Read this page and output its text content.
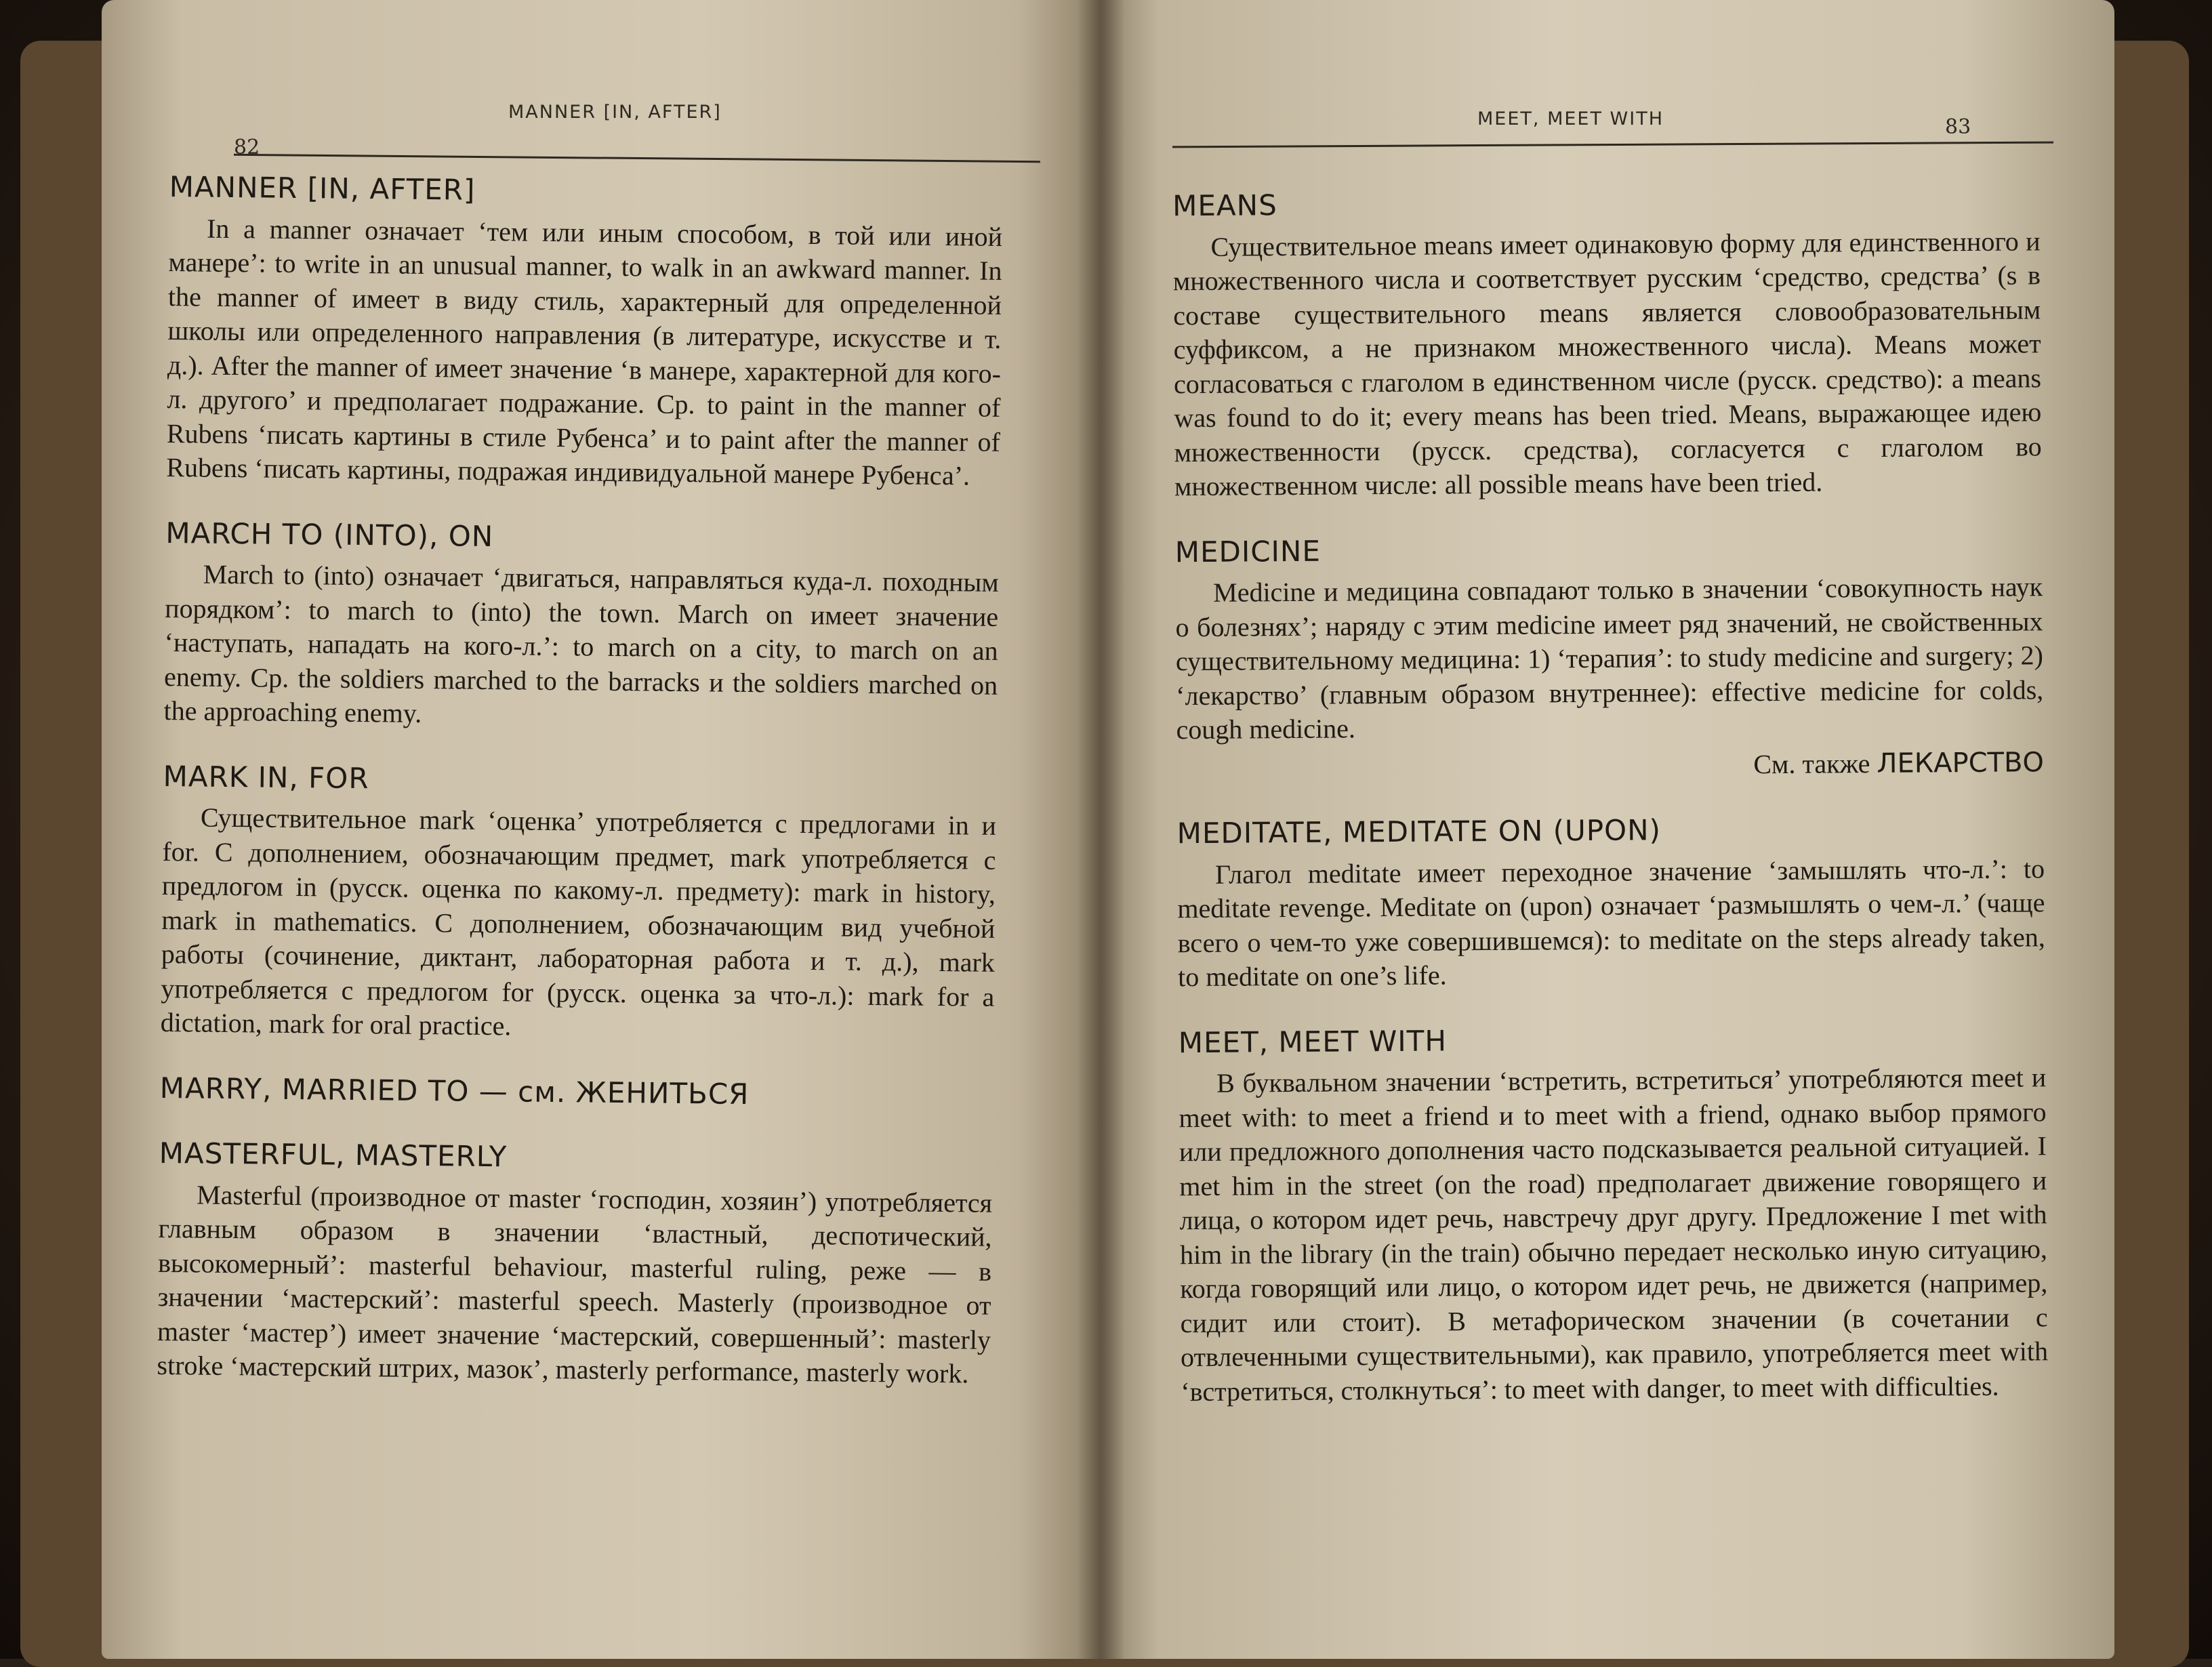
MANNER [IN, AFTER]
82
MANNER [IN, AFTER]

In a manner означает ‘тем или иным способом, в той или иной манере’: to write in an unusual manner, to walk in an awkward manner. In the manner of имеет в виду стиль, характерный для определенной школы или определенного направления (в литературе, искусстве и т. д.). After the manner of имеет значение ‘в манере, характерной для кого-л. другого’ и предполагает подражание. Ср. to paint in the manner of Rubens ‘писать картины в стиле Рубенса’ и to paint after the manner of Rubens ‘писать картины, подражая индивидуальной манере Рубенса’.

MARCH TO (INTO), ON

March to (into) означает ‘двигаться, направляться куда-л. походным порядком’: to march to (into) the town. March on имеет значение ‘наступать, нападать на кого-л.’: to march on a city, to march on an enemy. Ср. the soldiers marched to the barracks и the soldiers marched on the approaching enemy.

MARK IN, FOR

Существительное mark ‘оценка’ употребляется с предлогами in и for. С дополнением, обозначающим предмет, mark употребляется с предлогом in (русск. оценка по какому-л. предмету): mark in history, mark in mathematics. С дополнением, обозначающим вид учебной работы (сочинение, диктант, лабораторная работа и т. д.), mark употребляется с предлогом for (русск. оценка за что-л.): mark for a dictation, mark for oral practice.

MARRY, MARRIED TO — см. ЖЕНИТЬСЯ
MASTERFUL, MASTERLY

Masterful (производное от master ‘господин, хозяин’) употребляется главным образом в значении ‘властный, деспотический, высокомерный’: masterful behaviour, masterful ruling, реже — в значении ‘мастерский’: masterful speech. Masterly (производное от master ‘мастер’) имеет значение ‘мастерский, совершенный’: masterly stroke ‘мастерский штрих, мазок’, masterly performance, masterly work.

MEET, MEET WITH	83
MEANS

Существительное means имеет одинаковую форму для единственного и множественного числа и соответствует русским ‘средство, средства’ (s в составе существительного means является словообразовательным суффиксом, а не признаком множественного числа). Means может согласоваться с глаголом в единственном числе (русск. средство): a means was found to do it; every means has been tried. Means, выражающее идею множественности (русск. средства), согласуется с глаголом во множественном числе: all possible means have been tried.

MEDICINE

Medicine и медицина совпадают только в значении ‘совокупность наук о болезнях’; наряду с этим medicine имеет ряд значений, не свойственных существительному медицина: 1) ‘терапия’: to study medicine and surgery; 2) ‘лекарство’ (главным образом внутреннее): effective medicine for colds, cough medicine.

См. также ЛЕКАРСТВО

MEDITATE, MEDITATE ON (UPON)

Глагол meditate имеет переходное значение ‘замышлять что-л.’: to meditate revenge. Meditate on (upon) означает ‘размышлять о чем-л.’ (чаще всего о чем-то уже совершившемся): to meditate on the steps already taken, to meditate on one’s life.

MEET, MEET WITH

В буквальном значении ‘встретить, встретиться’ употребляются meet и meet with: to meet a friend и to meet with a friend, однако выбор прямого или предложного дополнения часто подсказывается реальной ситуацией. I met him in the street (on the road) предполагает движение говорящего и лица, о котором идет речь, навстречу друг другу. Предложение I met with him in the library (in the train) обычно передает несколько иную ситуацию, когда говорящий или лицо, о котором идет речь, не движется (например, сидит или стоит). В метафорическом значении (в сочетании с отвлеченными существительными), как правило, употребляется meet with ‘встретиться, столкнуться’: to meet with danger, to meet with difficulties.
